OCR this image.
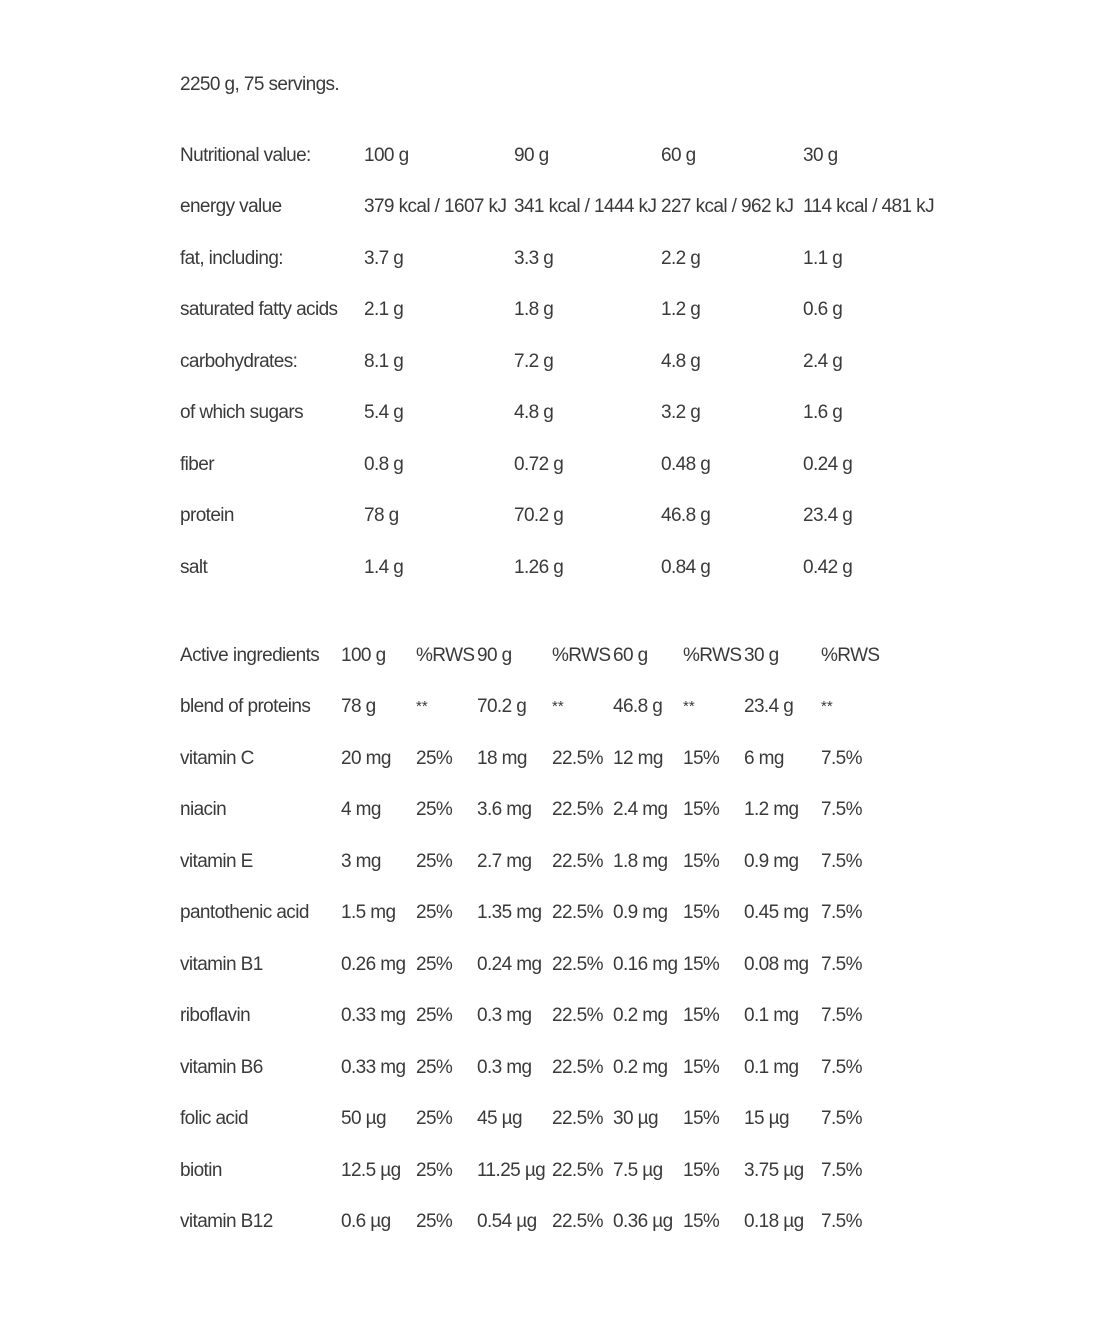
2250 g, 75 servings.

Nutritional value:	100 g	90 g	60 g	30 g
energy value	379 kcal / 1607 kJ	341 kcal / 1444 kJ	227 kcal / 962 kJ	114 kcal / 481 kJ
fat, including:	3.7 g	3.3 g	2.2 g	1.1 g
saturated fatty acids	2.1 g	1.8 g	1.2 g	0.6 g
carbohydrates:	8.1 g	7.2 g	4.8 g	2.4 g
of which sugars	5.4 g	4.8 g	3.2 g	1.6 g
fiber	0.8 g	0.72 g	0.48 g	0.24 g
protein	78 g	70.2 g	46.8 g	23.4 g
salt	1.4 g	1.26 g	0.84 g	0.42 g
Active ingredients	100 g	%RWS	90 g	%RWS	60 g	%RWS	30 g	%RWS
blend of proteins	78 g	**	70.2 g	**	46.8 g	**	23.4 g	**
vitamin C	20 mg	25%	18 mg	22.5%	12 mg	15%	6 mg	7.5%
niacin	4 mg	25%	3.6 mg	22.5%	2.4 mg	15%	1.2 mg	7.5%
vitamin E	3 mg	25%	2.7 mg	22.5%	1.8 mg	15%	0.9 mg	7.5%
pantothenic acid	1.5 mg	25%	1.35 mg	22.5%	0.9 mg	15%	0.45 mg	7.5%
vitamin B1	0.26 mg	25%	0.24 mg	22.5%	0.16 mg	15%	0.08 mg	7.5%
riboflavin	0.33 mg	25%	0.3 mg	22.5%	0.2 mg	15%	0.1 mg	7.5%
vitamin B6	0.33 mg	25%	0.3 mg	22.5%	0.2 mg	15%	0.1 mg	7.5%
folic acid	50 µg	25%	45 µg	22.5%	30 µg	15%	15 µg	7.5%
biotin	12.5 µg	25%	11.25 µg	22.5%	7.5 µg	15%	3.75 µg	7.5%
vitamin B12	0.6 µg	25%	0.54 µg	22.5%	0.36 µg	15%	0.18 µg	7.5%
